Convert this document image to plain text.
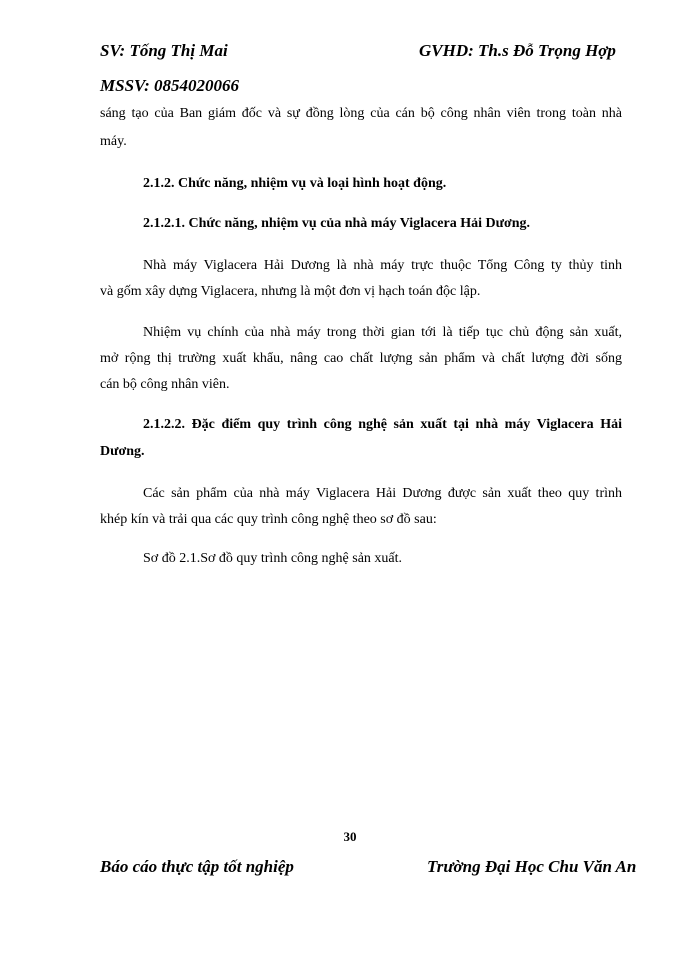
SV: Tống Thị Mai	GVHD: Th.s Đỗ Trọng Hợp
MSSV: 0854020066
sáng tạo của Ban giám đốc và sự đồng lòng của cán bộ công nhân viên trong toàn nhà
máy.
2.1.2. Chức năng, nhiệm vụ và loại hình hoạt động.
2.1.2.1. Chức năng, nhiệm vụ của nhà máy Viglacera Hải Dương.
Nhà máy Viglacera Hải Dương là nhà máy trực thuộc Tổng Công ty thủy tinh
và gốm xây dựng Viglacera, nhưng là một đơn vị hạch toán độc lập.
Nhiệm vụ chính của nhà máy trong thời gian tới là tiếp tục chủ động sản xuất,
mở rộng thị trường xuất khẩu, nâng cao chất lượng sản phẩm và chất lượng đời sống
cán bộ công nhân viên.
2.1.2.2. Đặc điểm quy trình công nghệ sản xuất tại nhà máy Viglacera Hải
Dương.
Các sản phẩm của nhà máy Viglacera Hải Dương được sản xuất theo quy trình
khép kín và trải qua các quy trình công nghệ theo sơ đồ sau:
Sơ đồ 2.1.Sơ đồ quy trình công nghệ sản xuất.
30
Báo cáo thực tập tốt nghiệp	Trường Đại Học Chu Văn An
